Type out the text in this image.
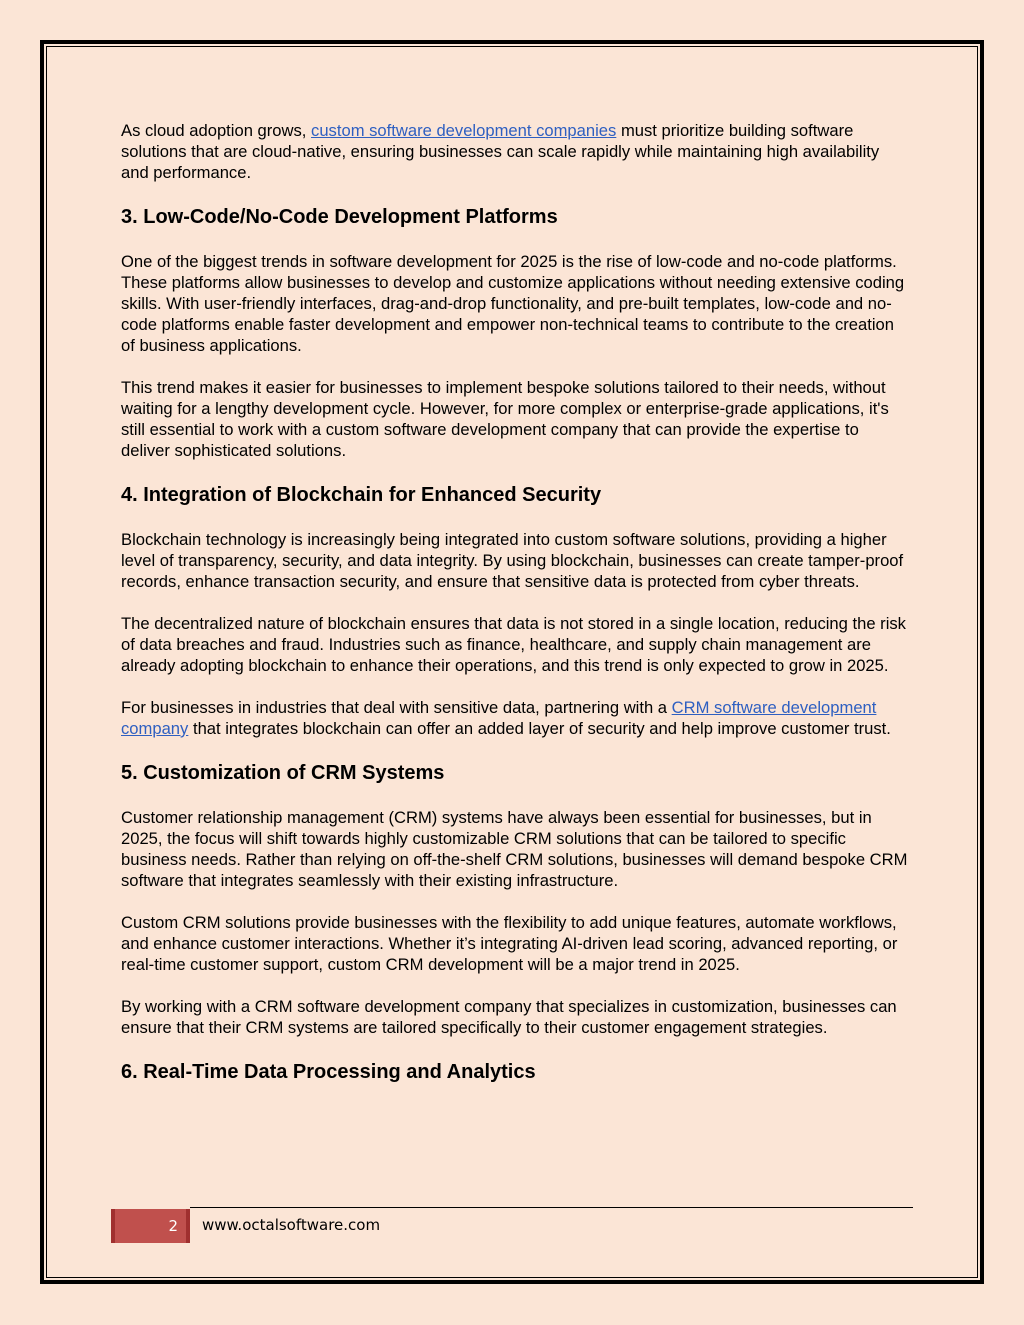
As cloud adoption grows, custom software development companies must prioritize building software solutions that are cloud-native, ensuring businesses can scale rapidly while maintaining high availability and performance.

3. Low-Code/No-Code Development Platforms

One of the biggest trends in software development for 2025 is the rise of low-code and no-code platforms. These platforms allow businesses to develop and customize applications without needing extensive coding skills. With user-friendly interfaces, drag-and-drop functionality, and pre-built templates, low-code and no-code platforms enable faster development and empower non-technical teams to contribute to the creation of business applications.

This trend makes it easier for businesses to implement bespoke solutions tailored to their needs, without waiting for a lengthy development cycle. However, for more complex or enterprise-grade applications, it's still essential to work with a custom software development company that can provide the expertise to deliver sophisticated solutions.

4. Integration of Blockchain for Enhanced Security

Blockchain technology is increasingly being integrated into custom software solutions, providing a higher level of transparency, security, and data integrity. By using blockchain, businesses can create tamper-proof records, enhance transaction security, and ensure that sensitive data is protected from cyber threats.

The decentralized nature of blockchain ensures that data is not stored in a single location, reducing the risk of data breaches and fraud. Industries such as finance, healthcare, and supply chain management are already adopting blockchain to enhance their operations, and this trend is only expected to grow in 2025.

For businesses in industries that deal with sensitive data, partnering with a CRM software development company that integrates blockchain can offer an added layer of security and help improve customer trust.

5. Customization of CRM Systems

Customer relationship management (CRM) systems have always been essential for businesses, but in 2025, the focus will shift towards highly customizable CRM solutions that can be tailored to specific business needs. Rather than relying on off-the-shelf CRM solutions, businesses will demand bespoke CRM software that integrates seamlessly with their existing infrastructure.

Custom CRM solutions provide businesses with the flexibility to add unique features, automate workflows, and enhance customer interactions. Whether it’s integrating AI-driven lead scoring, advanced reporting, or real-time customer support, custom CRM development will be a major trend in 2025.

By working with a CRM software development company that specializes in customization, businesses can ensure that their CRM systems are tailored specifically to their customer engagement strategies.

6. Real-Time Data Processing and Analytics
2 www.octalsoftware.com
